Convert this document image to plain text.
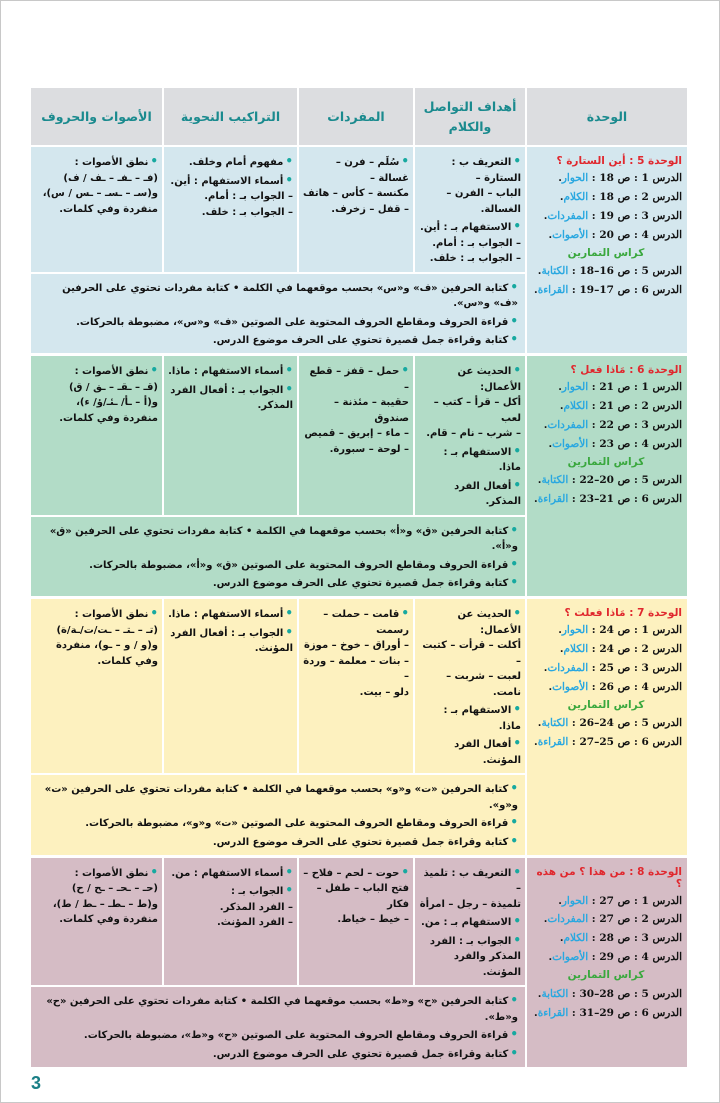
الوحدة
أهداف التواصل والكلام
المفردات
التراكيب النحوية
الأصوات والحروف
الوحدة 5 : أين الستارة ؟
الدرس 1 : ص 18 : الحوار.
الدرس 2 : ص 18 : الكلام.
الدرس 3 : ص 19 : المفردات.
الدرس 4 : ص 20 : الأصوات.
كراس التمارين
الدرس 5 : ص 16–18 : الكتابة.
الدرس 6 : ص 17–19 : القراءة.
•التعريف ب : الستارة –
الباب – الفرن – الغسالة.
•الاستفهام بـ : أين.
– الجواب بـ : أمام.
– الجواب بـ : خلف.
•سُلَم – فرن – غسالة –
مكنسة – كأس – هاتف
– قفل – زخرف.
•مفهوم أمام وخلف.
•أسماء الاستفهام : أين.
– الجواب بـ : أمام.
– الجواب بـ : خلف.
•نطق الأصوات :
(فـ – ـفـ – ـف / ف)
و(سـ – ـسـ – ـس / س)،
منفردة وفي كلمات.
•كتابة الحرفين «ف» و«س» بحسب موقعهما في الكلمة • كتابة مفردات تحتوي على الحرفين «ف» و«س».
•قراءة الحروف ومقاطع الحروف المحتوية على الصوتين «ف» و«س»، مضبوطة بالحركات.
•كتابة وقراءة جمل قصيرة تحتوي على الحرف موضوع الدرس.
الوحدة 6 : مَاذا فعل ؟
الدرس 1 : ص 21 : الحوار.
الدرس 2 : ص 21 : الكلام.
الدرس 3 : ص 22 : المفردات.
الدرس 4 : ص 23 : الأصوات.
كراس التمارين
الدرس 5 : ص 20–22 : الكتابة.
الدرس 6 : ص 21–23 : القراءة.
•الحديث عن الأعمال:
أكل – قرأ – كتب – لعب
– شرب – نام – قام.
•الاستفهام بـ : ماذا.
•أفعال الفرد المذكر.
•حمل – قفز – قطع –
حقيبة – مئذنة – صندوق
– ماء – إبريق – قميص
– لوحة – سبورة.
•أسماء الاستفهام : ماذا.
•الجواب بـ : أفعال الفرد
المذكر.
•نطق الأصوات :
(قـ – ـقـ – ـق / ق)
و(أ – ـأ/ ـئـ/ؤ/ ء)،
منفردة وفي كلمات.
•كتابة الحرفين «ق» و«أ» بحسب موقعهما في الكلمة • كتابة مفردات تحتوي على الحرفين «ق» و«أ».
•قراءة الحروف ومقاطع الحروف المحتوية على الصوتين «ق» و«أ»، مضبوطة بالحركات.
•كتابة وقراءة جمل قصيرة تحتوي على الحرف موضوع الدرس.
الوحدة 7 : مَاذا فعلت ؟
الدرس 1 : ص 24 : الحوار.
الدرس 2 : ص 24 : الكلام.
الدرس 3 : ص 25 : المفردات.
الدرس 4 : ص 26 : الأصوات.
كراس التمارين
الدرس 5 : ص 24–26 : الكتابة.
الدرس 6 : ص 25–27 : القراءة.
•الحديث عن الأعمال:
أكلت – قرأت – كتبت –
لعبت – شربت – نامت.
•الاستفهام بـ : ماذا.
•أفعال الفرد المؤنث.
•قامت – حملت – رسمت
– أوراق – خوخ – موزة
– بنات – معلمة – وردة –
دلو – بيت.
•أسماء الاستفهام : ماذا.
•الجواب بـ : أفعال الفرد
المؤنث.
•نطق الأصوات :
(تـ – ـتـ – ـت/ت/ـة/ة)
و(و / و – ـو)، منفردة
وفي كلمات.
•كتابة الحرفين «ت» و«و» بحسب موقعهما في الكلمة • كتابة مفردات تحتوي على الحرفين «ت» و«و».
•قراءة الحروف ومقاطع الحروف المحتوية على الصوتين «ت» و«و»، مضبوطة بالحركات.
•كتابة وقراءة جمل قصيرة تحتوي على الحرف موضوع الدرس.
الوحدة 8 : من هذا ؟ من هذه ؟
الدرس 1 : ص 27 : الحوار.
الدرس 2 : ص 27 : المفردات.
الدرس 3 : ص 28 : الكلام.
الدرس 4 : ص 29 : الأصوات.
كراس التمارين
الدرس 5 : ص 28–30 : الكتابة.
الدرس 6 : ص 29–31 : القراءة.
•التعريف ب : تلميذ –
تلميذة – رجل – امرأة
•الاستفهام بـ : من.
•الجواب بـ : الفرد
المذكر والفرد المؤنث.
•حوت – لحم – فلاح –
فتح الباب – طفل – فكار
– خيط – خياط.
•أسماء الاستفهام : من.
•الجواب بـ :
– الفرد المذكر.
– الفرد المؤنث.
•نطق الأصوات :
(حـ – ـحـ – ـح / ح)
و(ط – ـطـ – ـط / ط)،
منفردة وفي كلمات.
•كتابة الحرفين «ح» و«ط» بحسب موقعهما في الكلمة • كتابة مفردات تحتوي على الحرفين «ح» و«ط».
•قراءة الحروف ومقاطع الحروف المحتوية على الصوتين «ح» و«ط»، مضبوطة بالحركات.
•كتابة وقراءة جمل قصيرة تحتوي على الحرف موضوع الدرس.
3
